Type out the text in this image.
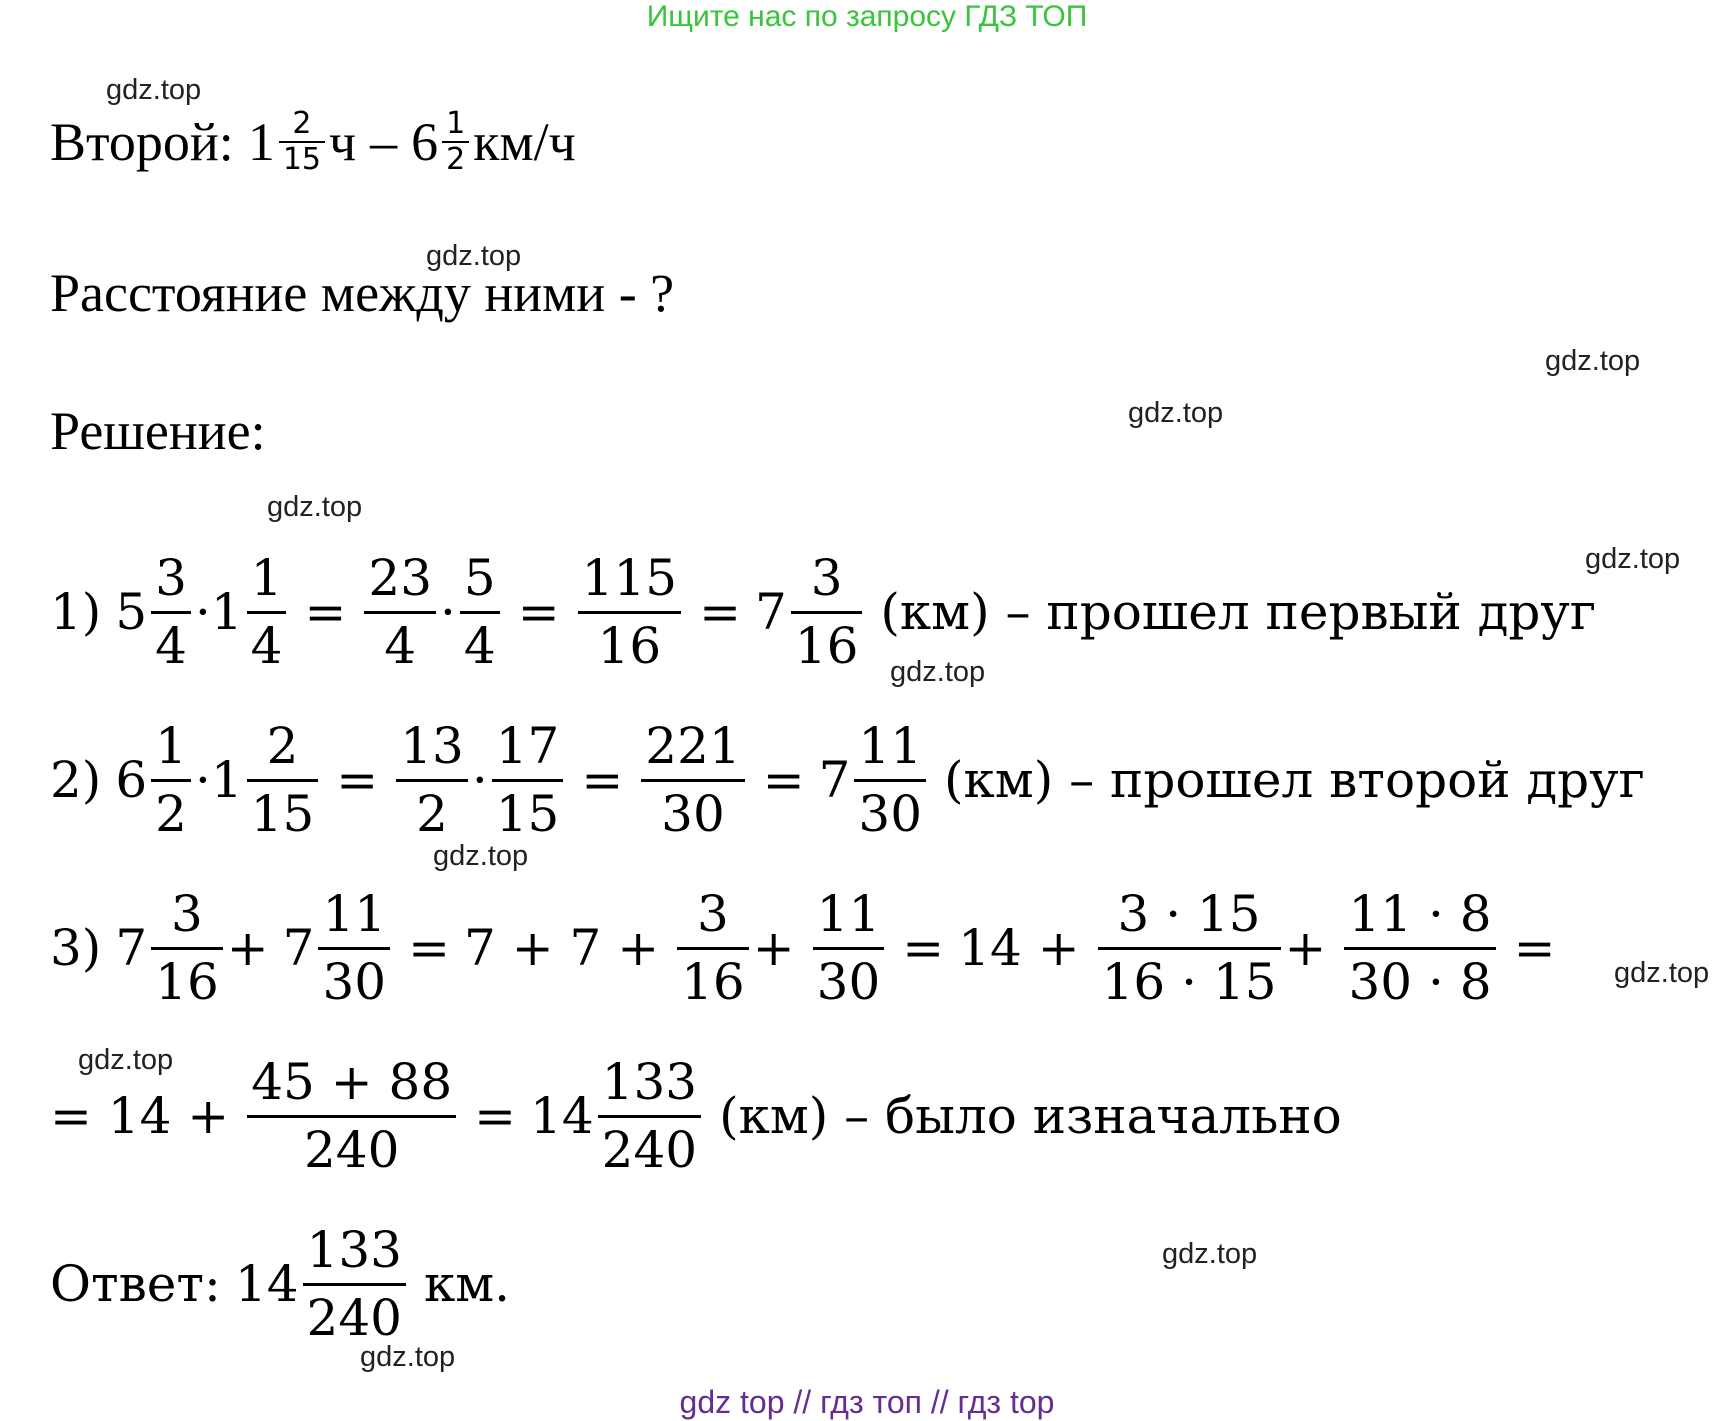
Ищите нас по запросу ГДЗ ТОП
gdz.top
gdz.top
gdz.top
gdz.top
gdz.top
gdz.top
gdz.top
gdz.top
gdz.top
gdz.top
gdz.top
gdz.top
Второй: $1 \frac{2}{15}$ ч – $6 \frac{1}{2} км/ч$
Расстояние между ними - ?
Решение:
1) $5 \frac{3}{4} \cdot 1 \frac{1}{4} = \frac{23}{4} \cdot \frac{5}{4} = \frac{115}{16} = 7 \frac{3}{16} (км)$ – прошел первый друг
2) $6 \frac{1}{2} \cdot 1 \frac{2}{15} = \frac{13}{2} \cdot \frac{17}{15} = \frac{221}{30} = 7 \frac{11}{30} (км)$ – прошел второй друг
3) $7 \frac{3}{16} + 7 \frac{11}{30} = 7 + 7 + \frac{3}{16} + \frac{11}{30} = 14 + \frac{3 \cdot 15}{16 \cdot 15} + \frac{11 \cdot 8}{30 \cdot 8}$ =
= $14 + \frac{45 + 88}{240} = 14 \frac{133}{240} (км)$ – было изначально
Ответ: $14 \frac{133}{240}$ км.
gdz top // гдз топ // гдз top
